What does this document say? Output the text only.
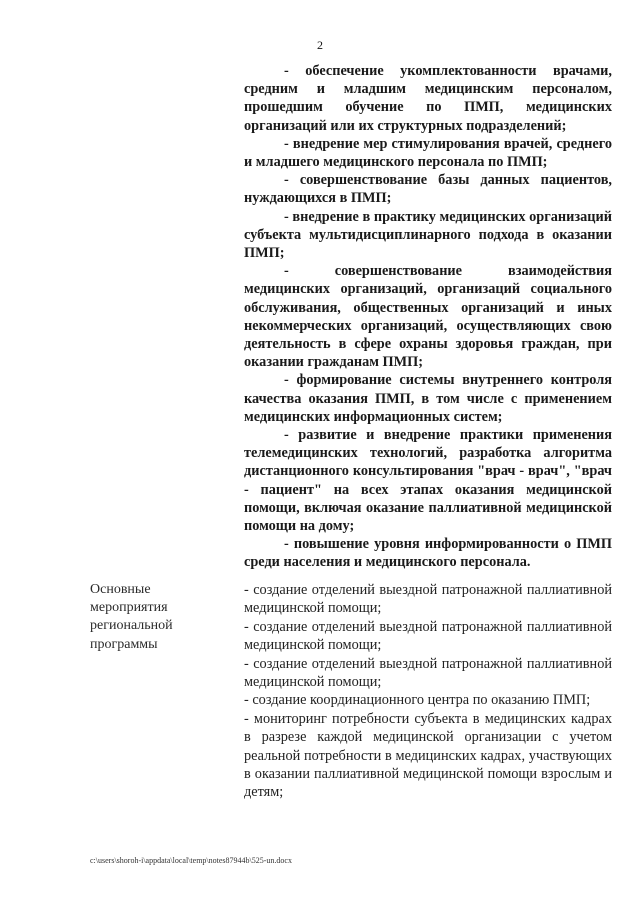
2

- обеспечение укомплектованности врачами, средним и младшим медицинским персоналом, прошедшим обучение по ПМП, медицинских организаций или их структурных подразделений;

- внедрение мер стимулирования врачей, среднего и младшего медицинского персонала по ПМП;

- совершенствование базы данных пациентов, нуждающихся в ПМП;

- внедрение в практику медицинских организаций субъекта мультидисциплинарного подхода в оказании ПМП;

- совершенствование взаимодействия медицинских организаций, организаций социального обслуживания, общественных организаций и иных некоммерческих организаций, осуществляющих свою деятельность в сфере охраны здоровья граждан, при оказании гражданам ПМП;

- формирование системы внутреннего контроля качества оказания ПМП, в том числе с применением медицинских информационных систем;

- развитие и внедрение практики применения телемедицинских технологий, разработка алгоритма дистанционного консультирования "врач - врач", "врач - пациент" на всех этапах оказания медицинской помощи, включая оказание паллиативной медицинской помощи на дому;

- повышение уровня информированности о ПМП среди населения и медицинского персонала.

Основные мероприятия региональной программы

- создание отделений выездной патронажной паллиативной медицинской помощи;

- создание отделений выездной патронажной паллиативной медицинской помощи;

- создание отделений выездной патронажной паллиативной медицинской помощи;

- создание координационного центра по оказанию ПМП;

- мониторинг потребности субъекта в медицинских кадрах в разрезе каждой медицинской организации с учетом реальной потребности в медицинских кадрах, участвующих в оказании паллиативной медицинской помощи взрослым и детям;

c:\users\shoroh-i\appdata\local\temp\notes87944b\525-un.docx
